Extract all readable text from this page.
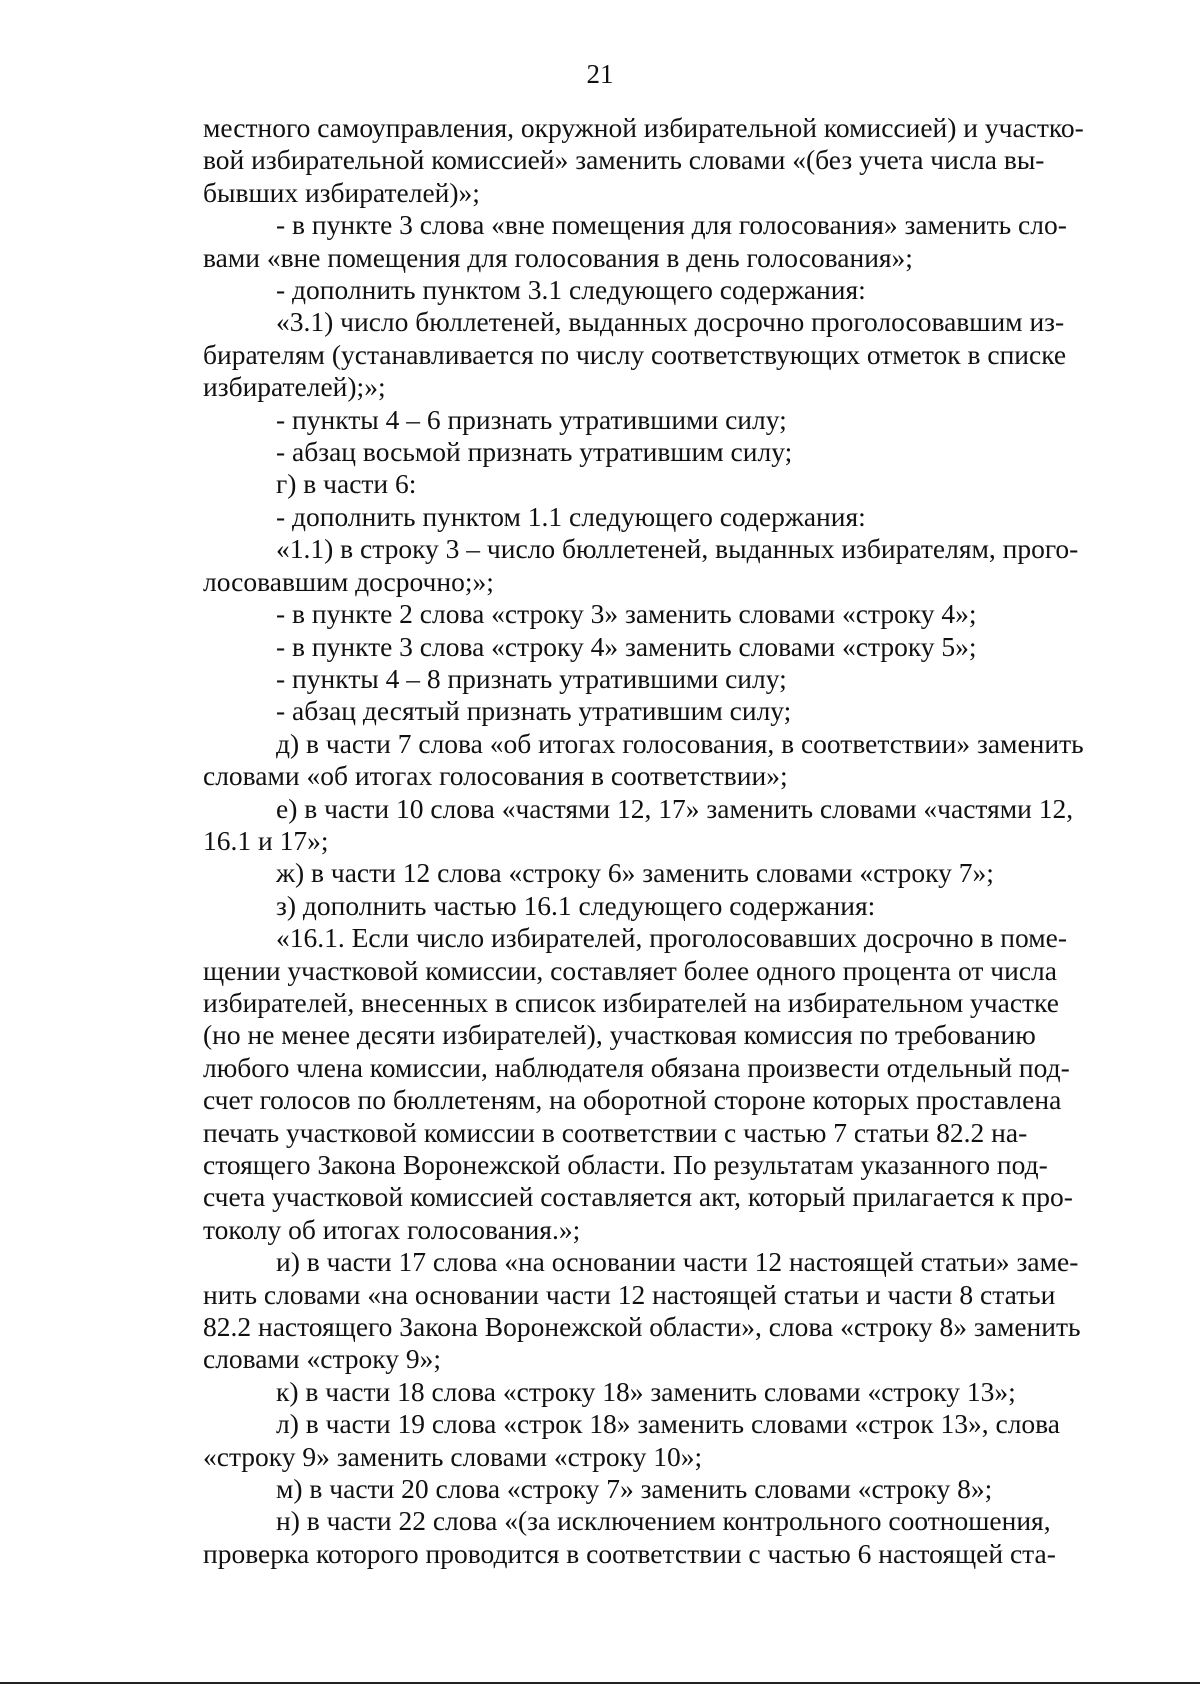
21

местного самоуправления, окружной избирательной комиссией) и участко-
вой избирательной комиссией» заменить словами «(без учета числа вы-
бывших избирателей)»;

- в пункте 3 слова «вне помещения для голосования» заменить сло-
вами «вне помещения для голосования в день голосования»;

- дополнить пунктом 3.1 следующего содержания:

«3.1) число бюллетеней, выданных досрочно проголосовавшим из-
бирателям (устанавливается по числу соответствующих отметок в списке
избирателей);»;

- пункты 4 – 6 признать утратившими силу;

- абзац восьмой признать утратившим силу;

г) в части 6:

- дополнить пунктом 1.1 следующего содержания:

«1.1) в строку 3 – число бюллетеней, выданных избирателям, прого-
лосовавшим досрочно;»;

- в пункте 2 слова «строку 3» заменить словами «строку 4»;

- в пункте 3 слова «строку 4» заменить словами «строку 5»;

- пункты 4 – 8 признать утратившими силу;

- абзац десятый признать утратившим силу;

д) в части 7 слова «об итогах голосования, в соответствии» заменить
словами «об итогах голосования в соответствии»;

е) в части 10 слова «частями 12, 17» заменить словами «частями 12,
16.1 и 17»;

ж) в части 12 слова «строку 6» заменить словами «строку 7»;

з) дополнить частью 16.1 следующего содержания:

«16.1. Если число избирателей, проголосовавших досрочно в поме-
щении участковой комиссии, составляет более одного процента от числа
избирателей, внесенных в список избирателей на избирательном участке
(но не менее десяти избирателей), участковая комиссия по требованию
любого члена комиссии, наблюдателя обязана произвести отдельный под-
счет голосов по бюллетеням, на оборотной стороне которых проставлена
печать участковой комиссии в соответствии с частью 7 статьи 82.2 на-
стоящего Закона Воронежской области. По результатам указанного под-
счета участковой комиссией составляется акт, который прилагается к про-
токолу об итогах голосования.»;

и) в части 17 слова «на основании части 12 настоящей статьи» заме-
нить словами «на основании части 12 настоящей статьи и части 8 статьи
82.2 настоящего Закона Воронежской области», слова «строку 8» заменить
словами «строку 9»;

к) в части 18 слова «строку 18» заменить словами «строку 13»;

л) в части 19 слова «строк 18» заменить словами «строк 13», слова
«строку 9» заменить словами «строку 10»;

м) в части 20 слова «строку 7» заменить словами «строку 8»;

н) в части 22 слова «(за исключением контрольного соотношения,
проверка которого проводится в соответствии с частью 6 настоящей ста-
